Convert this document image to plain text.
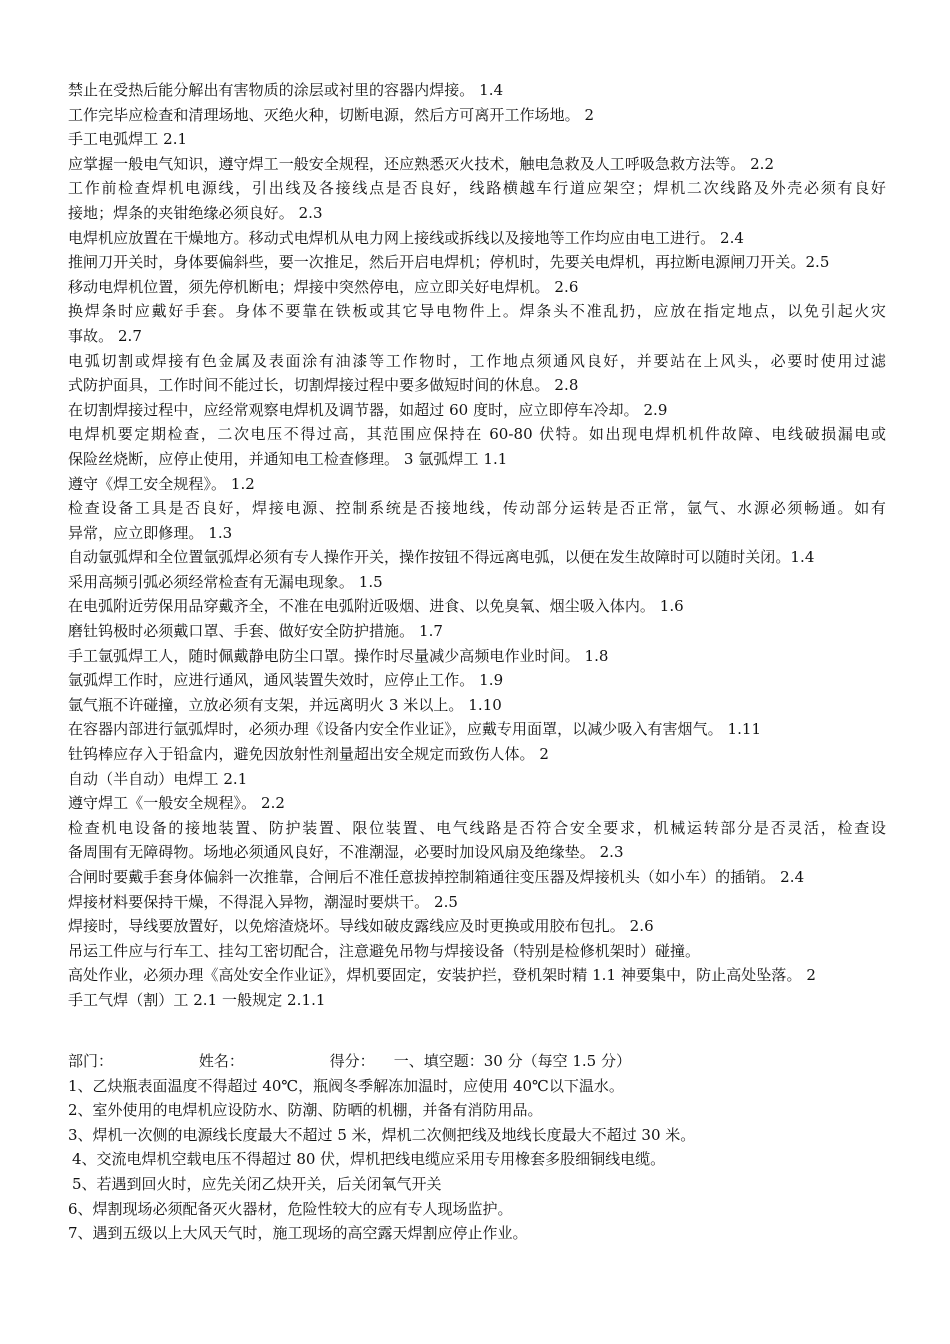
禁止在受热后能分解出有害物质的涂层或衬里的容器内焊接。 1.4
工作完毕应检查和清理场地、灭绝火种，切断电源，然后方可离开工作场地。 2
手工电弧焊工 2.1
应掌握一般电气知识，遵守焊工一般安全规程，还应熟悉灭火技术，触电急救及人工呼吸急救方法等。 2.2
工作前检查焊机电源线，引出线及各接线点是否良好，线路横越车行道应架空；焊机二次线路及外壳必须有良好
接地；焊条的夹钳绝缘必须良好。 2.3
电焊机应放置在干燥地方。移动式电焊机从电力网上接线或拆线以及接地等工作均应由电工进行。 2.4
推闸刀开关时，身体要偏斜些，要一次推足，然后开启电焊机；停机时，先要关电焊机，再拉断电源闸刀开关。2.5
移动电焊机位置，须先停机断电；焊接中突然停电，应立即关好电焊机。 2.6
换焊条时应戴好手套。身体不要靠在铁板或其它导电物件上。焊条头不准乱扔，应放在指定地点，以免引起火灾
事故。 2.7
电弧切割或焊接有色金属及表面涂有油漆等工作物时，工作地点须通风良好，并要站在上风头，必要时使用过滤
式防护面具，工作时间不能过长，切割焊接过程中要多做短时间的休息。 2.8
在切割焊接过程中，应经常观察电焊机及调节器，如超过 60 度时，应立即停车冷却。 2.9
电焊机要定期检查，二次电压不得过高，其范围应保持在 60-80 伏特。如出现电焊机机件故障、电线破损漏电或
保险丝烧断，应停止使用，并通知电工检查修理。 3 氩弧焊工 1.1
遵守《焊工安全规程》。 1.2
检查设备工具是否良好，焊接电源、控制系统是否接地线，传动部分运转是否正常，氩气、水源必须畅通。如有
异常，应立即修理。 1.3
自动氩弧焊和全位置氩弧焊必须有专人操作开关，操作按钮不得远离电弧，以便在发生故障时可以随时关闭。1.4
采用高频引弧必须经常检查有无漏电现象。 1.5
在电弧附近劳保用品穿戴齐全，不准在电弧附近吸烟、进食、以免臭氧、烟尘吸入体内。 1.6
磨钍钨极时必须戴口罩、手套、做好安全防护措施。 1.7
手工氩弧焊工人，随时佩戴静电防尘口罩。操作时尽量减少高频电作业时间。 1.8
氩弧焊工作时，应进行通风，通风装置失效时，应停止工作。 1.9
氩气瓶不许碰撞，立放必须有支架，并远离明火 3 米以上。 1.10
在容器内部进行氩弧焊时，必须办理《设备内安全作业证》，应戴专用面罩，以减少吸入有害烟气。 1.11
钍钨棒应存入于铅盒内，避免因放射性剂量超出安全规定而致伤人体。 2
自动（半自动）电焊工 2.1
遵守焊工《一般安全规程》。 2.2
检查机电设备的接地装置、防护装置、限位装置、电气线路是否符合安全要求，机械运转部分是否灵活，检查设
备周围有无障碍物。场地必须通风良好，不准潮湿，必要时加设风扇及绝缘垫。 2.3
合闸时要戴手套身体偏斜一次推靠，合闸后不准任意拔掉控制箱通往变压器及焊接机头（如小车）的插销。 2.4
焊接材料要保持干燥，不得混入异物，潮湿时要烘干。 2.5
焊接时，导线要放置好，以免熔渣烧坏。导线如破皮露线应及时更换或用胶布包扎。 2.6
吊运工件应与行车工、挂勾工密切配合，注意避免吊物与焊接设备（特别是检修机架时）碰撞。
高处作业，必须办理《高处安全作业证》，焊机要固定，安装护拦，登机架时精 1.1 神要集中，防止高处坠落。 2
手工气焊（割）工 2.1 一般规定 2.1.1
部门：                  姓名：                  得分：    一、填空题：30 分（每空 1.5 分）
1、乙炔瓶表面温度不得超过 40℃，瓶阀冬季解冻加温时，应使用 40℃以下温水。
2、室外使用的电焊机应设防水、防潮、防晒的机棚，并备有消防用品。
3、焊机一次侧的电源线长度最大不超过 5 米，焊机二次侧把线及地线长度最大不超过 30 米。
4、交流电焊机空载电压不得超过 80 伏，焊机把线电缆应采用专用橡套多股细铜线电缆。
5、若遇到回火时，应先关闭乙炔开关，后关闭氧气开关
6、焊割现场必须配备灭火器材，危险性较大的应有专人现场监护。
7、遇到五级以上大风天气时，施工现场的高空露天焊割应停止作业。
